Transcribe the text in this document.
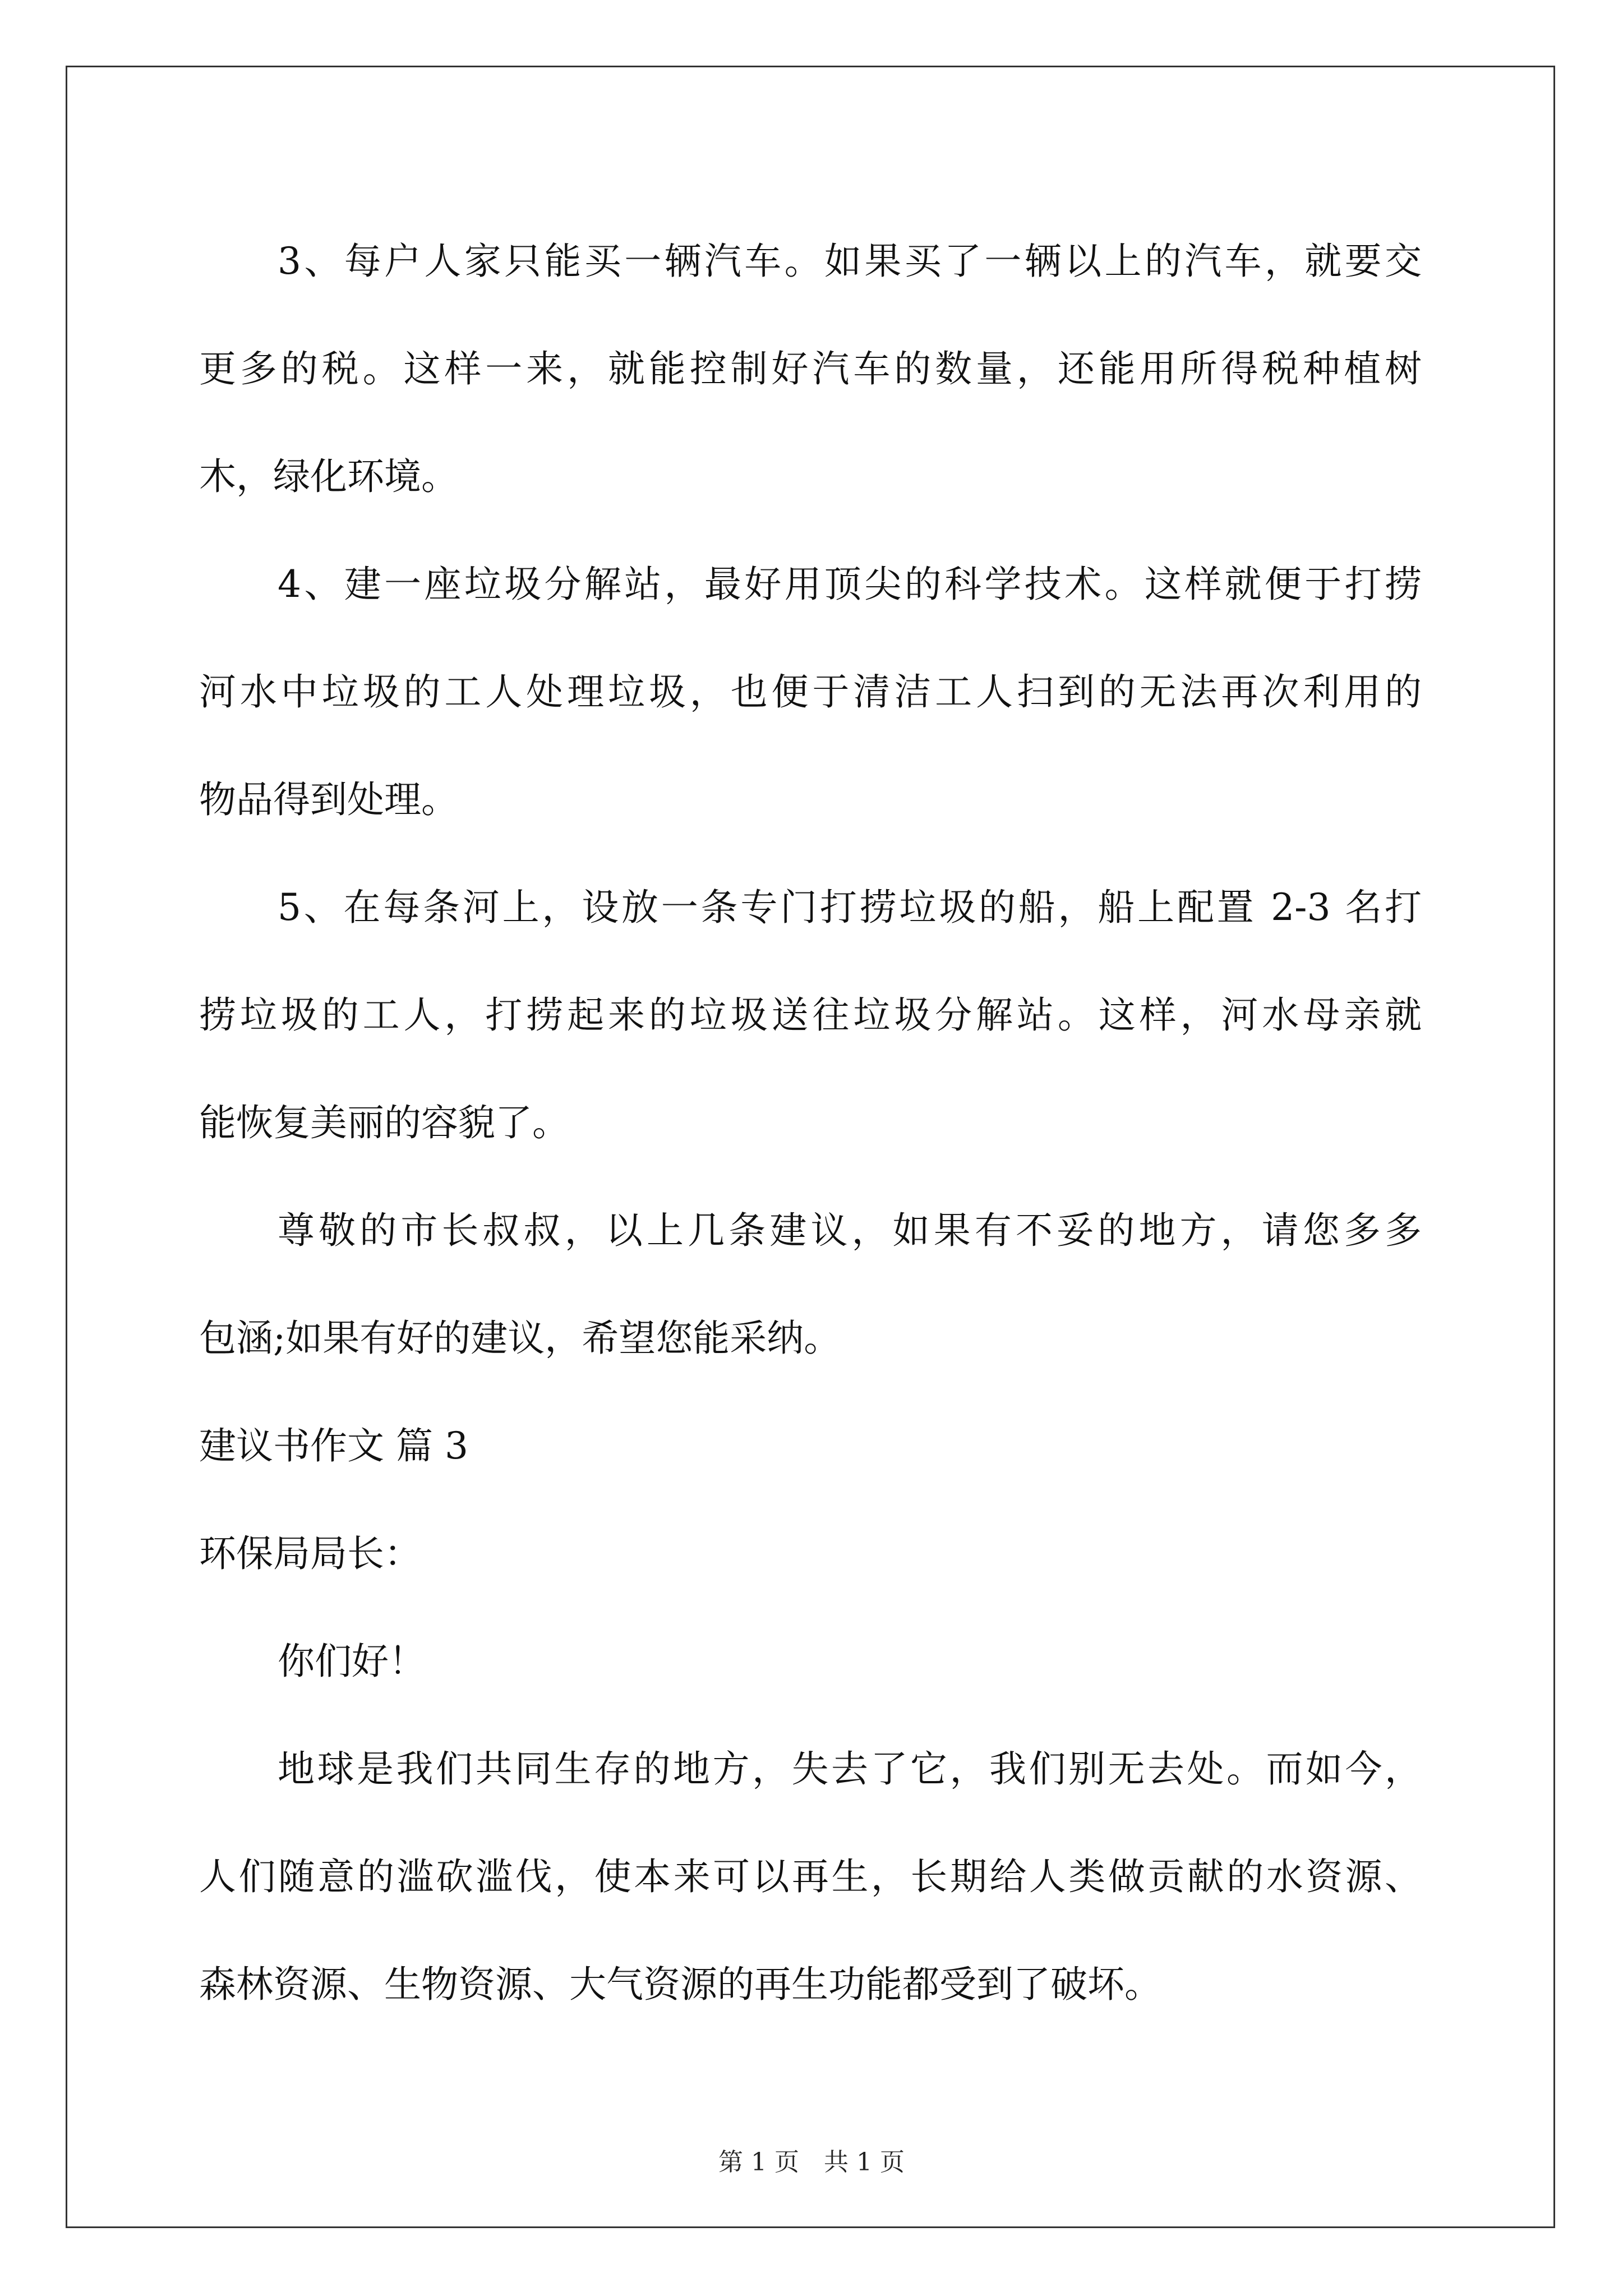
3、每户人家只能买一辆汽车。如果买了一辆以上的汽车，就要交
更多的税。这样一来，就能控制好汽车的数量，还能用所得税种植树
木，绿化环境。
4、建一座垃圾分解站，最好用顶尖的科学技术。这样就便于打捞
河水中垃圾的工人处理垃圾，也便于清洁工人扫到的无法再次利用的
物品得到处理。
5、在每条河上，设放一条专门打捞垃圾的船，船上配置 2-3 名打
捞垃圾的工人，打捞起来的垃圾送往垃圾分解站。这样，河水母亲就
能恢复美丽的容貌了。
尊敬的市长叔叔，以上几条建议，如果有不妥的地方，请您多多
包涵;如果有好的建议，希望您能采纳。
建议书作文 篇 3
环保局局长：
你们好！
地球是我们共同生存的地方，失去了它，我们别无去处。而如今，
人们随意的滥砍滥伐，使本来可以再生，长期给人类做贡献的水资源、
森林资源、生物资源、大气资源的再生功能都受到了破坏。
第 1 页　共 1 页
